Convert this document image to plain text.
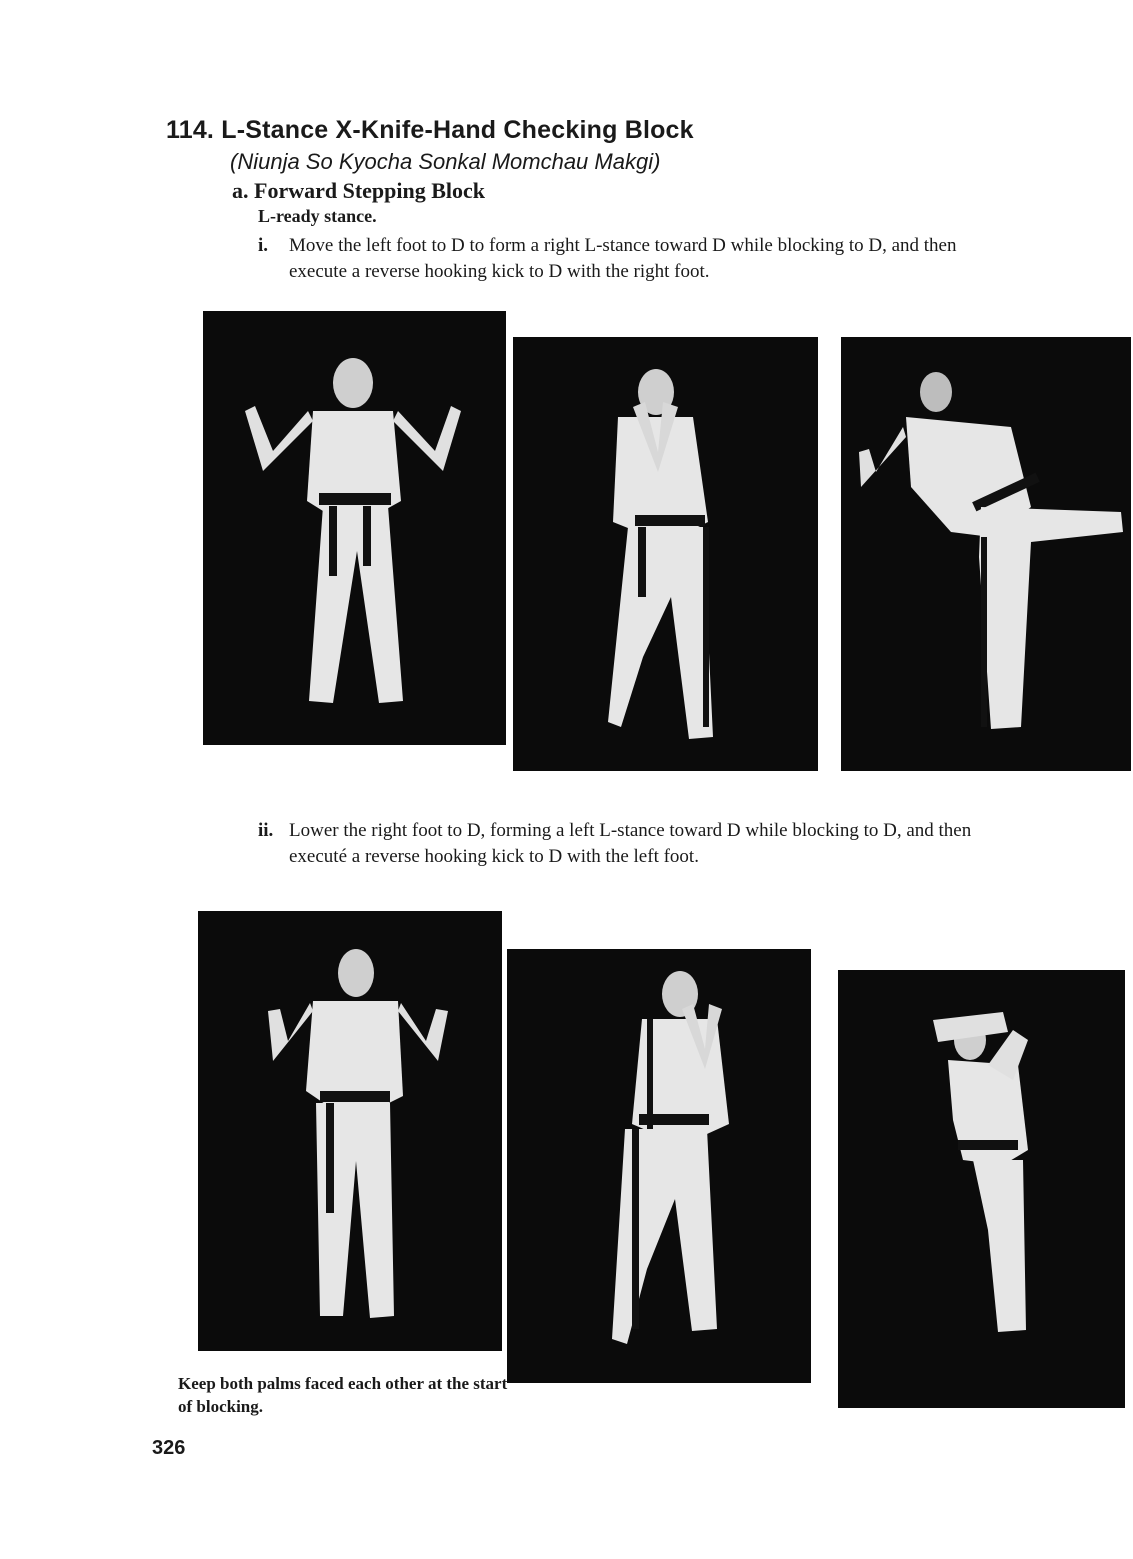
114. L-Stance X-Knife-Hand Checking Block
(Niunja So Kyocha Sonkal Momchau Makgi)
a. Forward Stepping Block
L-ready stance.
i.	Move the left foot to D to form a right L-stance toward D while blocking to D, and then execute a reverse hooking kick to D with the right foot.
ii. Lower the right foot to D, forming a left L-stance toward D while blocking to D, and then executé a reverse hooking kick to D with the left foot.
Keep both palms faced each other at the start of blocking.
326
